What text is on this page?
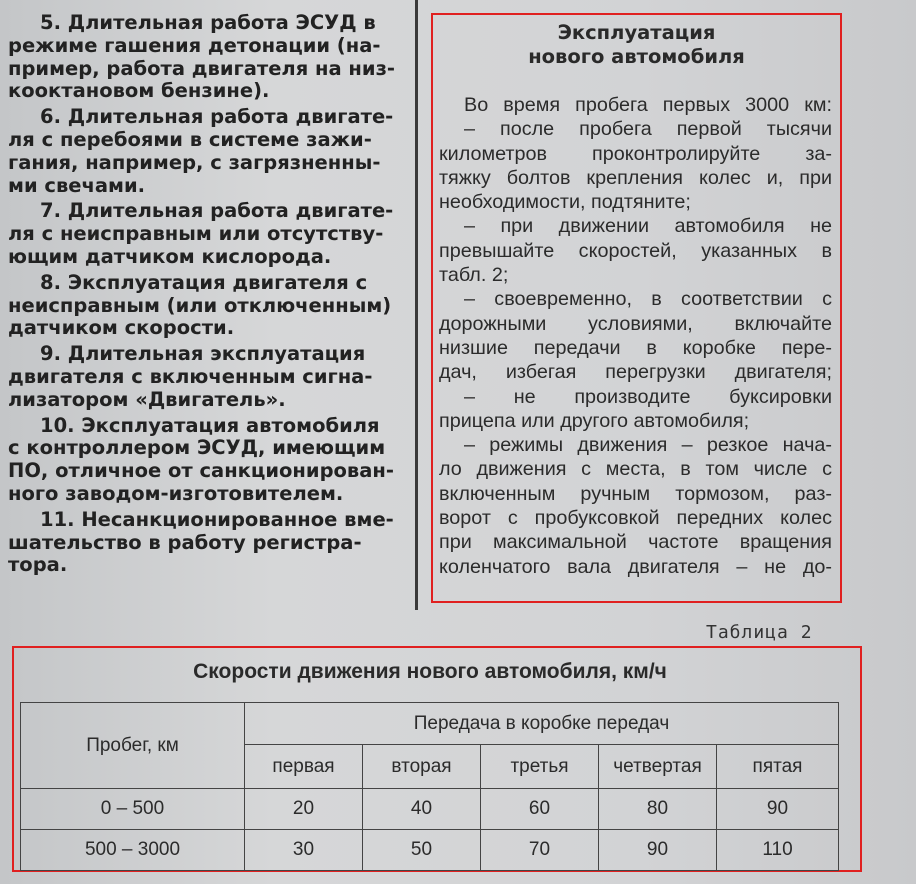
5. Длительная работа ЭСУД в
режиме гашения детонации (на-
пример, работа двигателя на низ-
кооктановом бензине).

6. Длительная работа двигате-
ля с перебоями в системе зажи-
гания, например, с загрязненны-
ми свечами.

7. Длительная работа двигате-
ля с неисправным или отсутству-
ющим датчиком кислорода.

8. Эксплуатация двигателя с
неисправным (или отключенным)
датчиком скорости.

9. Длительная эксплуатация
двигателя с включенным сигна-
лизатором «Двигатель».

10. Эксплуатация автомобиля
с контроллером ЭСУД, имеющим
ПО, отличное от санкционирован-
ного заводом-изготовителем.

11. Несанкционированное вме-
шательство в работу регистра-
тора.

Эксплуатация
нового автомобиля
Во время пробега первых 3000 км:
– после пробега первой тысячи
километров проконтролируйте за-
тяжку болтов крепления колес и, при
необходимости, подтяните;
– при движении автомобиля не
превышайте скоростей, указанных в
табл. 2;
– своевременно, в соответствии с
дорожными условиями, включайте
низшие передачи в коробке пере-
дач, избегая перегрузки двигателя;
– не производите буксировки
прицепа или другого автомобиля;
– режимы движения – резкое нача-
ло движения с места, в том числе с
включенным ручным тормозом, раз-
ворот с пробуксовкой передних колес
при максимальной частоте вращения
коленчатого вала двигателя – не до-
Таблица 2
Скорости движения нового автомобиля, км/ч
Пробег, км	Передача в коробке передач				
	первая	вторая	третья	четвертая	пятая
0 – 500	20	40	60	80	90
500 – 3000	30	50	70	90	110
